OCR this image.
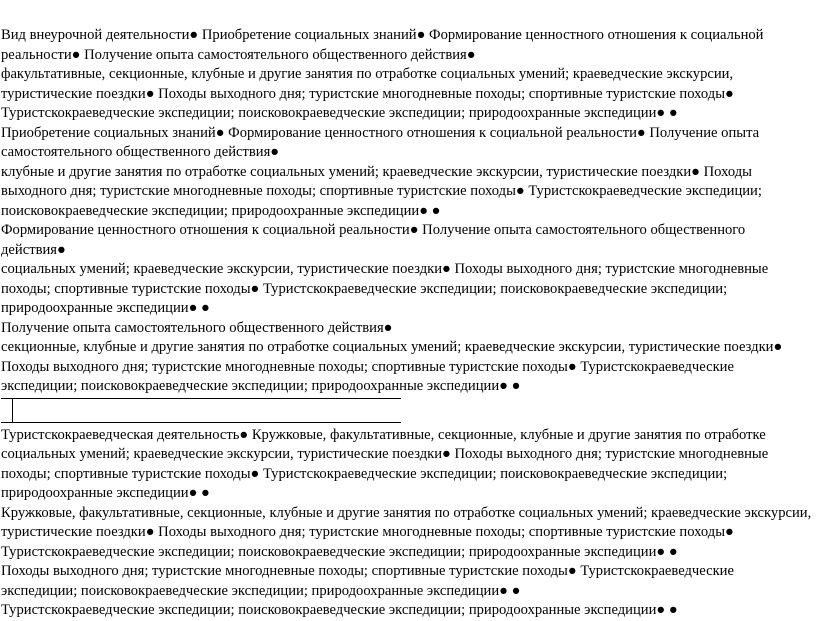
Вид внеурочной деятельности● Приобретение социальных знаний● Формирование ценностного отношения к социальной реальности● Получение опыта самостоятельного общественного действия●

факультативные, секционные, клубные и другие занятия по отработке социальных умений; краеведческие экскурсии, туристические поездки● Походы выходного дня; туристские многодневные походы; спортивные туристские походы● Туристскокраеведческие экспедиции; поисковокраеведческие экспедиции; природоохранные экспедиции● ●

Приобретение социальных знаний● Формирование ценностного отношения к социальной реальности● Получение опыта самостоятельного общественного действия●

клубные и другие занятия по отработке социальных умений; краеведческие экскурсии, туристические поездки● Походы выходного дня; туристские многодневные походы; спортивные туристские походы● Туристскокраеведческие экспедиции; поисковокраеведческие экспедиции; природоохранные экспедиции● ●

Формирование ценностного отношения к социальной реальности● Получение опыта самостоятельного общественного действия●

социальных умений; краеведческие экскурсии, туристические поездки● Походы выходного дня; туристские многодневные походы; спортивные туристские походы● Туристскокраеведческие экспедиции; поисковокраеведческие экспедиции; природоохранные экспедиции● ●

Получение опыта самостоятельного общественного действия●

секционные, клубные и другие занятия по отработке социальных умений; краеведческие экскурсии, туристические поездки● Походы выходного дня; туристские многодневные походы; спортивные туристские походы● Туристскокраеведческие экспедиции; поисковокраеведческие экспедиции; природоохранные экспедиции● ●

Туристскокраеведческая деятельность● Кружковые, факультативные, секционные, клубные и другие занятия по отработке социальных умений; краеведческие экскурсии, туристические поездки● Походы выходного дня; туристские многодневные походы; спортивные туристские походы● Туристскокраеведческие экспедиции; поисковокраеведческие экспедиции; природоохранные экспедиции● ●

Кружковые, факультативные, секционные, клубные и другие занятия по отработке социальных умений; краеведческие экскурсии, туристические поездки● Походы выходного дня; туристские многодневные походы; спортивные туристские походы● Туристскокраеведческие экспедиции; поисковокраеведческие экспедиции; природоохранные экспедиции● ●

Походы выходного дня; туристские многодневные походы; спортивные туристские походы● Туристскокраеведческие экспедиции; поисковокраеведческие экспедиции; природоохранные экспедиции● ●

Туристскокраеведческие экспедиции; поисковокраеведческие экспедиции; природоохранные экспедиции● ●
